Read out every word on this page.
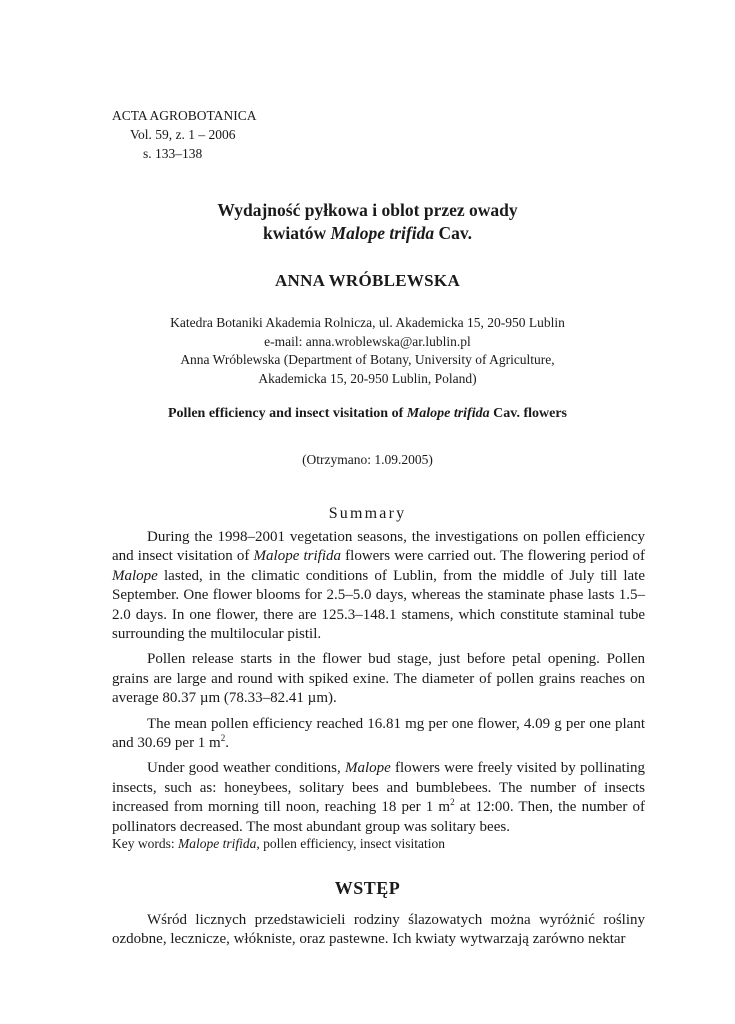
ACTA AGROBOTANICA
Vol. 59, z. 1 – 2006
s. 133–138
Wydajność pyłkowa i oblot przez owady
kwiatów Malope trifida Cav.
ANNA WRÓBLEWSKA
Katedra Botaniki Akademia Rolnicza, ul. Akademicka 15, 20-950 Lublin
e-mail: anna.wroblewska@ar.lublin.pl
Anna Wróblewska (Department of Botany, University of Agriculture,
Akademicka 15, 20-950 Lublin, Poland)
Pollen efficiency and insect visitation of Malope trifida Cav. flowers
(Otrzymano: 1.09.2005)
Summary

During the 1998–2001 vegetation seasons, the investigations on pollen efficiency and insect visitation of Malope trifida flowers were carried out. The flowering period of Malope lasted, in the climatic conditions of Lublin, from the middle of July till late September. One flower blooms for 2.5–5.0 days, whereas the staminate phase lasts 1.5–2.0 days. In one flower, there are 125.3–148.1 stamens, which constitute staminal tube surrounding the multilocular pistil.

Pollen release starts in the flower bud stage, just before petal opening. Pollen grains are large and round with spiked exine. The diameter of pollen grains reaches on average 80.37 µm (78.33–82.41 µm).

The mean pollen efficiency reached 16.81 mg per one flower, 4.09 g per one plant and 30.69 per 1 $m^2$.

Under good weather conditions, Malope flowers were freely visited by pollinating insects, such as: honeybees, solitary bees and bumblebees. The number of insects increased from morning till noon, reaching 18 per 1 $m^2$ at 12:00. Then, the number of pollinators decreased. The most abundant group was solitary bees.

Key words: Malope trifida, pollen efficiency, insect visitation
WSTĘP

Wśród licznych przedstawicieli rodziny ślazowatych można wyróżnić rośliny ozdobne, lecznicze, włókniste, oraz pastewne. Ich kwiaty wytwarzają zarówno nektar
